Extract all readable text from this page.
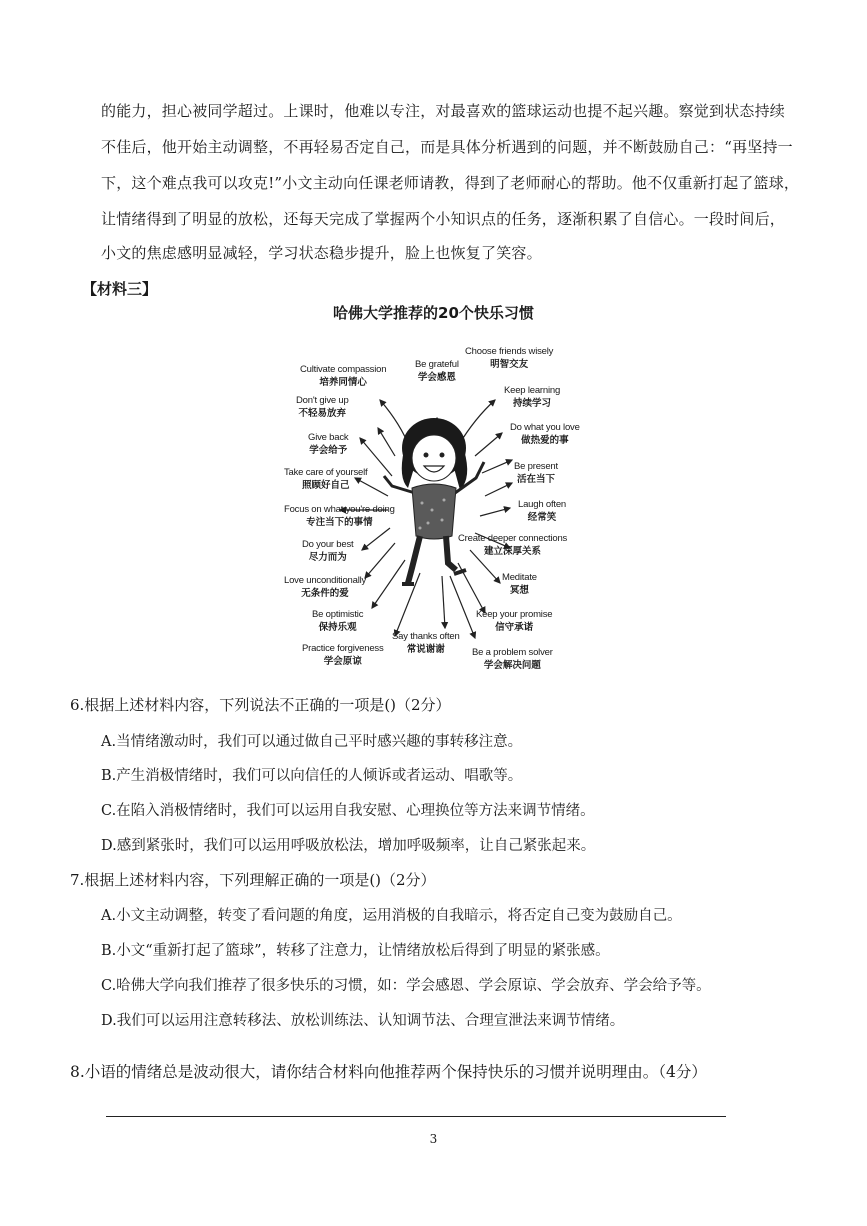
的能力，担心被同学超过。上课时，他难以专注，对最喜欢的篮球运动也提不起兴趣。察觉到状态持续
不佳后，他开始主动调整，不再轻易否定自己，而是具体分析遇到的问题，并不断鼓励自己：“再坚持一
下，这个难点我可以攻克!”小文主动向任课老师请教，得到了老师耐心的帮助。他不仅重新打起了篮球，
让情绪得到了明显的放松，还每天完成了掌握两个小知识点的任务，逐渐积累了自信心。一段时间后，
小文的焦虑感明显减轻，学习状态稳步提升，脸上也恢复了笑容。
【材料三】
哈佛大学推荐的20个快乐习惯
Cultivate compassion
培养同情心
Be grateful
学会感恩
Choose friends wisely
明智交友
Don't give up
不轻易放弃
Keep learning
持续学习
Give back
学会给予
Do what you love
做热爱的事
Take care of yourself
照顾好自己
Be present
活在当下
Focus on what you're doing
专注当下的事情
Laugh often
经常笑
Do your best
尽力而为
Create deeper connections
建立深厚关系
Love unconditionally
无条件的爱
Meditate
冥想
Be optimistic
保持乐观
Keep your promise
信守承诺
Practice forgiveness
学会原谅
Say thanks often
常说谢谢	Be a problem solver
学会解决问题
6.根据上述材料内容，下列说法不正确的一项是()（2分）
A.当情绪激动时，我们可以通过做自己平时感兴趣的事转移注意。
B.产生消极情绪时，我们可以向信任的人倾诉或者运动、唱歌等。
C.在陷入消极情绪时，我们可以运用自我安慰、心理换位等方法来调节情绪。
D.感到紧张时，我们可以运用呼吸放松法，增加呼吸频率，让自己紧张起来。
7.根据上述材料内容，下列理解正确的一项是()（2分）
A.小文主动调整，转变了看问题的角度，运用消极的自我暗示，将否定自己变为鼓励自己。
B.小文“重新打起了篮球”，转移了注意力，让情绪放松后得到了明显的紧张感。
C.哈佛大学向我们推荐了很多快乐的习惯，如：学会感恩、学会原谅、学会放弃、学会给予等。
D.我们可以运用注意转移法、放松训练法、认知调节法、合理宣泄法来调节情绪。
8.小语的情绪总是波动很大，请你结合材料向他推荐两个保持快乐的习惯并说明理由。（4分）
3
